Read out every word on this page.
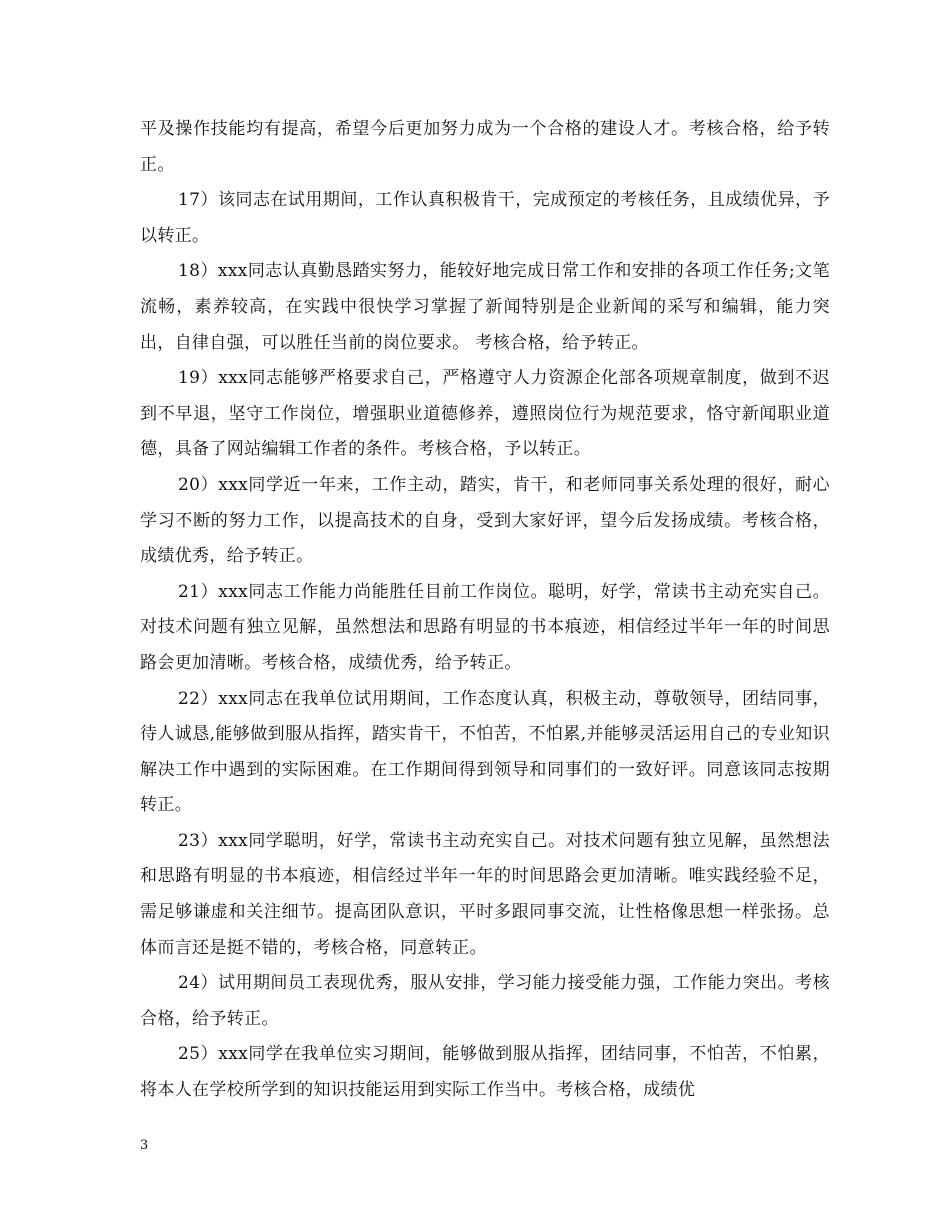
平及操作技能均有提高，希望今后更加努力成为一个合格的建设人才。考核合格，给予转正。

17）该同志在试用期间，工作认真积极肯干，完成预定的考核任务，且成绩优异，予以转正。

18）xxx同志认真勤恳踏实努力，能较好地完成日常工作和安排的各项工作任务;文笔流畅，素养较高，在实践中很快学习掌握了新闻特别是企业新闻的采写和编辑，能力突出，自律自强，可以胜任当前的岗位要求。 考核合格，给予转正。

19）xxx同志能够严格要求自己，严格遵守人力资源企化部各项规章制度，做到不迟到不早退，坚守工作岗位，增强职业道德修养，遵照岗位行为规范要求，恪守新闻职业道德，具备了网站编辑工作者的条件。考核合格，予以转正。

20）xxx同学近一年来，工作主动，踏实，肯干，和老师同事关系处理的很好，耐心学习不断的努力工作，以提高技术的自身，受到大家好评，望今后发扬成绩。考核合格，成绩优秀，给予转正。

21）xxx同志工作能力尚能胜任目前工作岗位。聪明，好学，常读书主动充实自己。对技术问题有独立见解，虽然想法和思路有明显的书本痕迹，相信经过半年一年的时间思路会更加清晰。考核合格，成绩优秀，给予转正。

22）xxx同志在我单位试用期间，工作态度认真，积极主动，尊敬领导，团结同事，待人诚恳,能够做到服从指挥，踏实肯干，不怕苦，不怕累,并能够灵活运用自己的专业知识解决工作中遇到的实际困难。在工作期间得到领导和同事们的一致好评。同意该同志按期转正。

23）xxx同学聪明，好学，常读书主动充实自己。对技术问题有独立见解，虽然想法和思路有明显的书本痕迹，相信经过半年一年的时间思路会更加清晰。唯实践经验不足，需足够谦虚和关注细节。提高团队意识，平时多跟同事交流，让性格像思想一样张扬。总体而言还是挺不错的，考核合格，同意转正。

24）试用期间员工表现优秀，服从安排，学习能力接受能力强，工作能力突出。考核合格，给予转正。

25）xxx同学在我单位实习期间，能够做到服从指挥，团结同事，不怕苦，不怕累，将本人在学校所学到的知识技能运用到实际工作当中。考核合格，成绩优

3
